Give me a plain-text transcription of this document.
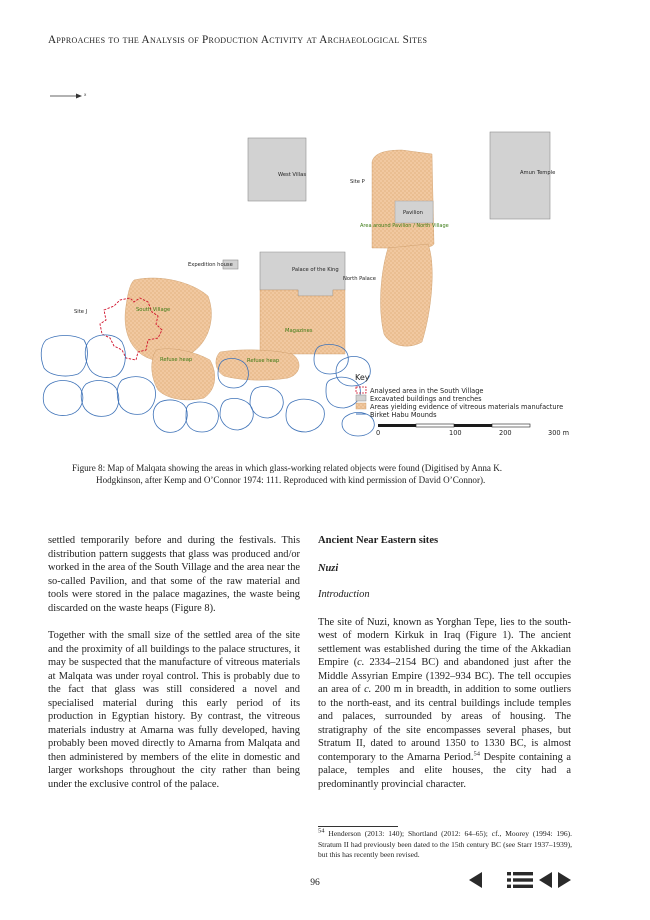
Approaches to the Analysis of Production Activity at Archaeological Sites
x
West Villas
Site P
Amun Temple
Pavilion
Area around Pavilion / North Village
Expedition house
Palace of the King
North Palace
Site J	South Village
Magazines
Refuse heap	Refuse heap
Key
Analysed area in the South Village
Excavated buildings and trenches
Areas yielding evidence of vitreous materials manufacture
Birket Habu Mounds
0	100	200	300 m
Figure 8: Map of Malqata showing the areas in which glass-working related objects were found (Digitised by Anna K.
Hodgkinson, after Kemp and O’Connor 1974: 111. Reproduced with kind permission of David O’Connor).

settled temporarily before and during the festivals. This distribution pattern suggests that glass was produced and/or worked in the area of the South Village and the area near the so-called Pavilion, and that some of the raw material and tools were stored in the palace magazines, the waste being discarded on the waste heaps (Figure 8).

Together with the small size of the settled area of the site and the proximity of all buildings to the palace structures, it may be suspected that the manufacture of vitreous materials at Malqata was under royal control. This is probably due to the fact that glass was still considered a novel and specialised material during this early period of its production in Egyptian history. By contrast, the vitreous materials industry at Amarna was fully developed, having probably been moved directly to Amarna from Malqata and then administered by members of the elite in domestic and larger workshops throughout the city rather than being under the exclusive control of the palace.

Ancient Near Eastern sites

Nuzi

Introduction

The site of Nuzi, known as Yorghan Tepe, lies to the south-west of modern Kirkuk in Iraq (Figure 1). The ancient settlement was established during the time of the Akkadian Empire (c. 2334–2154 BC) and abandoned just after the Middle Assyrian Empire (1392–934 BC). The tell occupies an area of c. 200 m in breadth, in addition to some outliers to the north-east, and its central buildings include temples and palaces, surrounded by areas of housing. The stratigraphy of the site encompasses several phases, but Stratum II, dated to around 1350 to 1330 BC, is almost contemporary to the Amarna Period.$^{54}$ Despite containing a palace, temples and elite houses, the city had a predominantly provincial character.

$^{54}$ Henderson (2013: 140); Shortland (2012: 64–65); cf., Moorey (1994: 196). Stratum II had previously been dated to the 15th century BC (see Starr 1937–1939), but this has recently been revised.
96
